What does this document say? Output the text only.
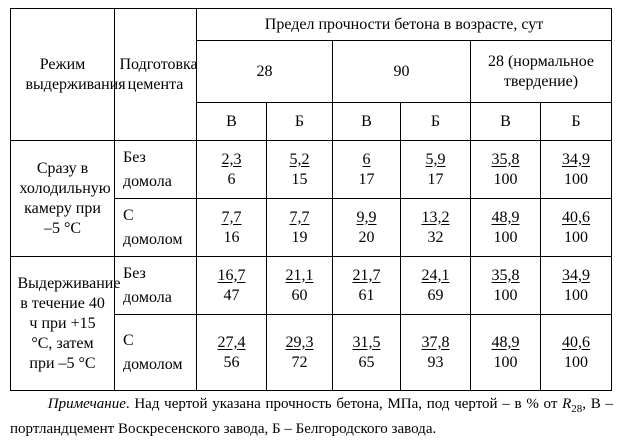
Режим выдерживания	Подготовка цемента	Предел прочности бетона в возрасте, сут					
		28		90		28 (нормальное твердение)	
		В	Б	В	Б	В	Б
Сразу в холодильную камеру при –5 °С	Без домола	$\frac{2,3}{6}$	$\frac{5,2}{15}$	$\frac{6}{17}$	$\frac{5,9}{17}$	$\frac{35,8}{100}$	$\frac{34,9}{100}$

	С домолом	$\frac{7,7}{16}$	$\frac{7,7}{19}$	$\frac{9,9}{20}$	$\frac{13,2}{32}$	$\frac{48,9}{100}$	$\frac{40,6}{100}$

Выдерживание в течение 40 ч при +15 °С, затем при –5 °С	Без домола	$\frac{16,7}{47}$	$\frac{21,1}{60}$	$\frac{21,7}{61}$	$\frac{24,1}{69}$	$\frac{35,8}{100}$	$\frac{34,9}{100}$

	С домолом	$\frac{27,4}{56}$	$\frac{29,3}{72}$	$\frac{31,5}{65}$	$\frac{37,8}{93}$	$\frac{48,9}{100}$	$\frac{40,6}{100}$
Примечание. Над чертой указана прочность бетона, МПа, под чертой – в % от $R_{28}$, В – портландцемент Воскресенского завода, Б – Белгородского завода.
